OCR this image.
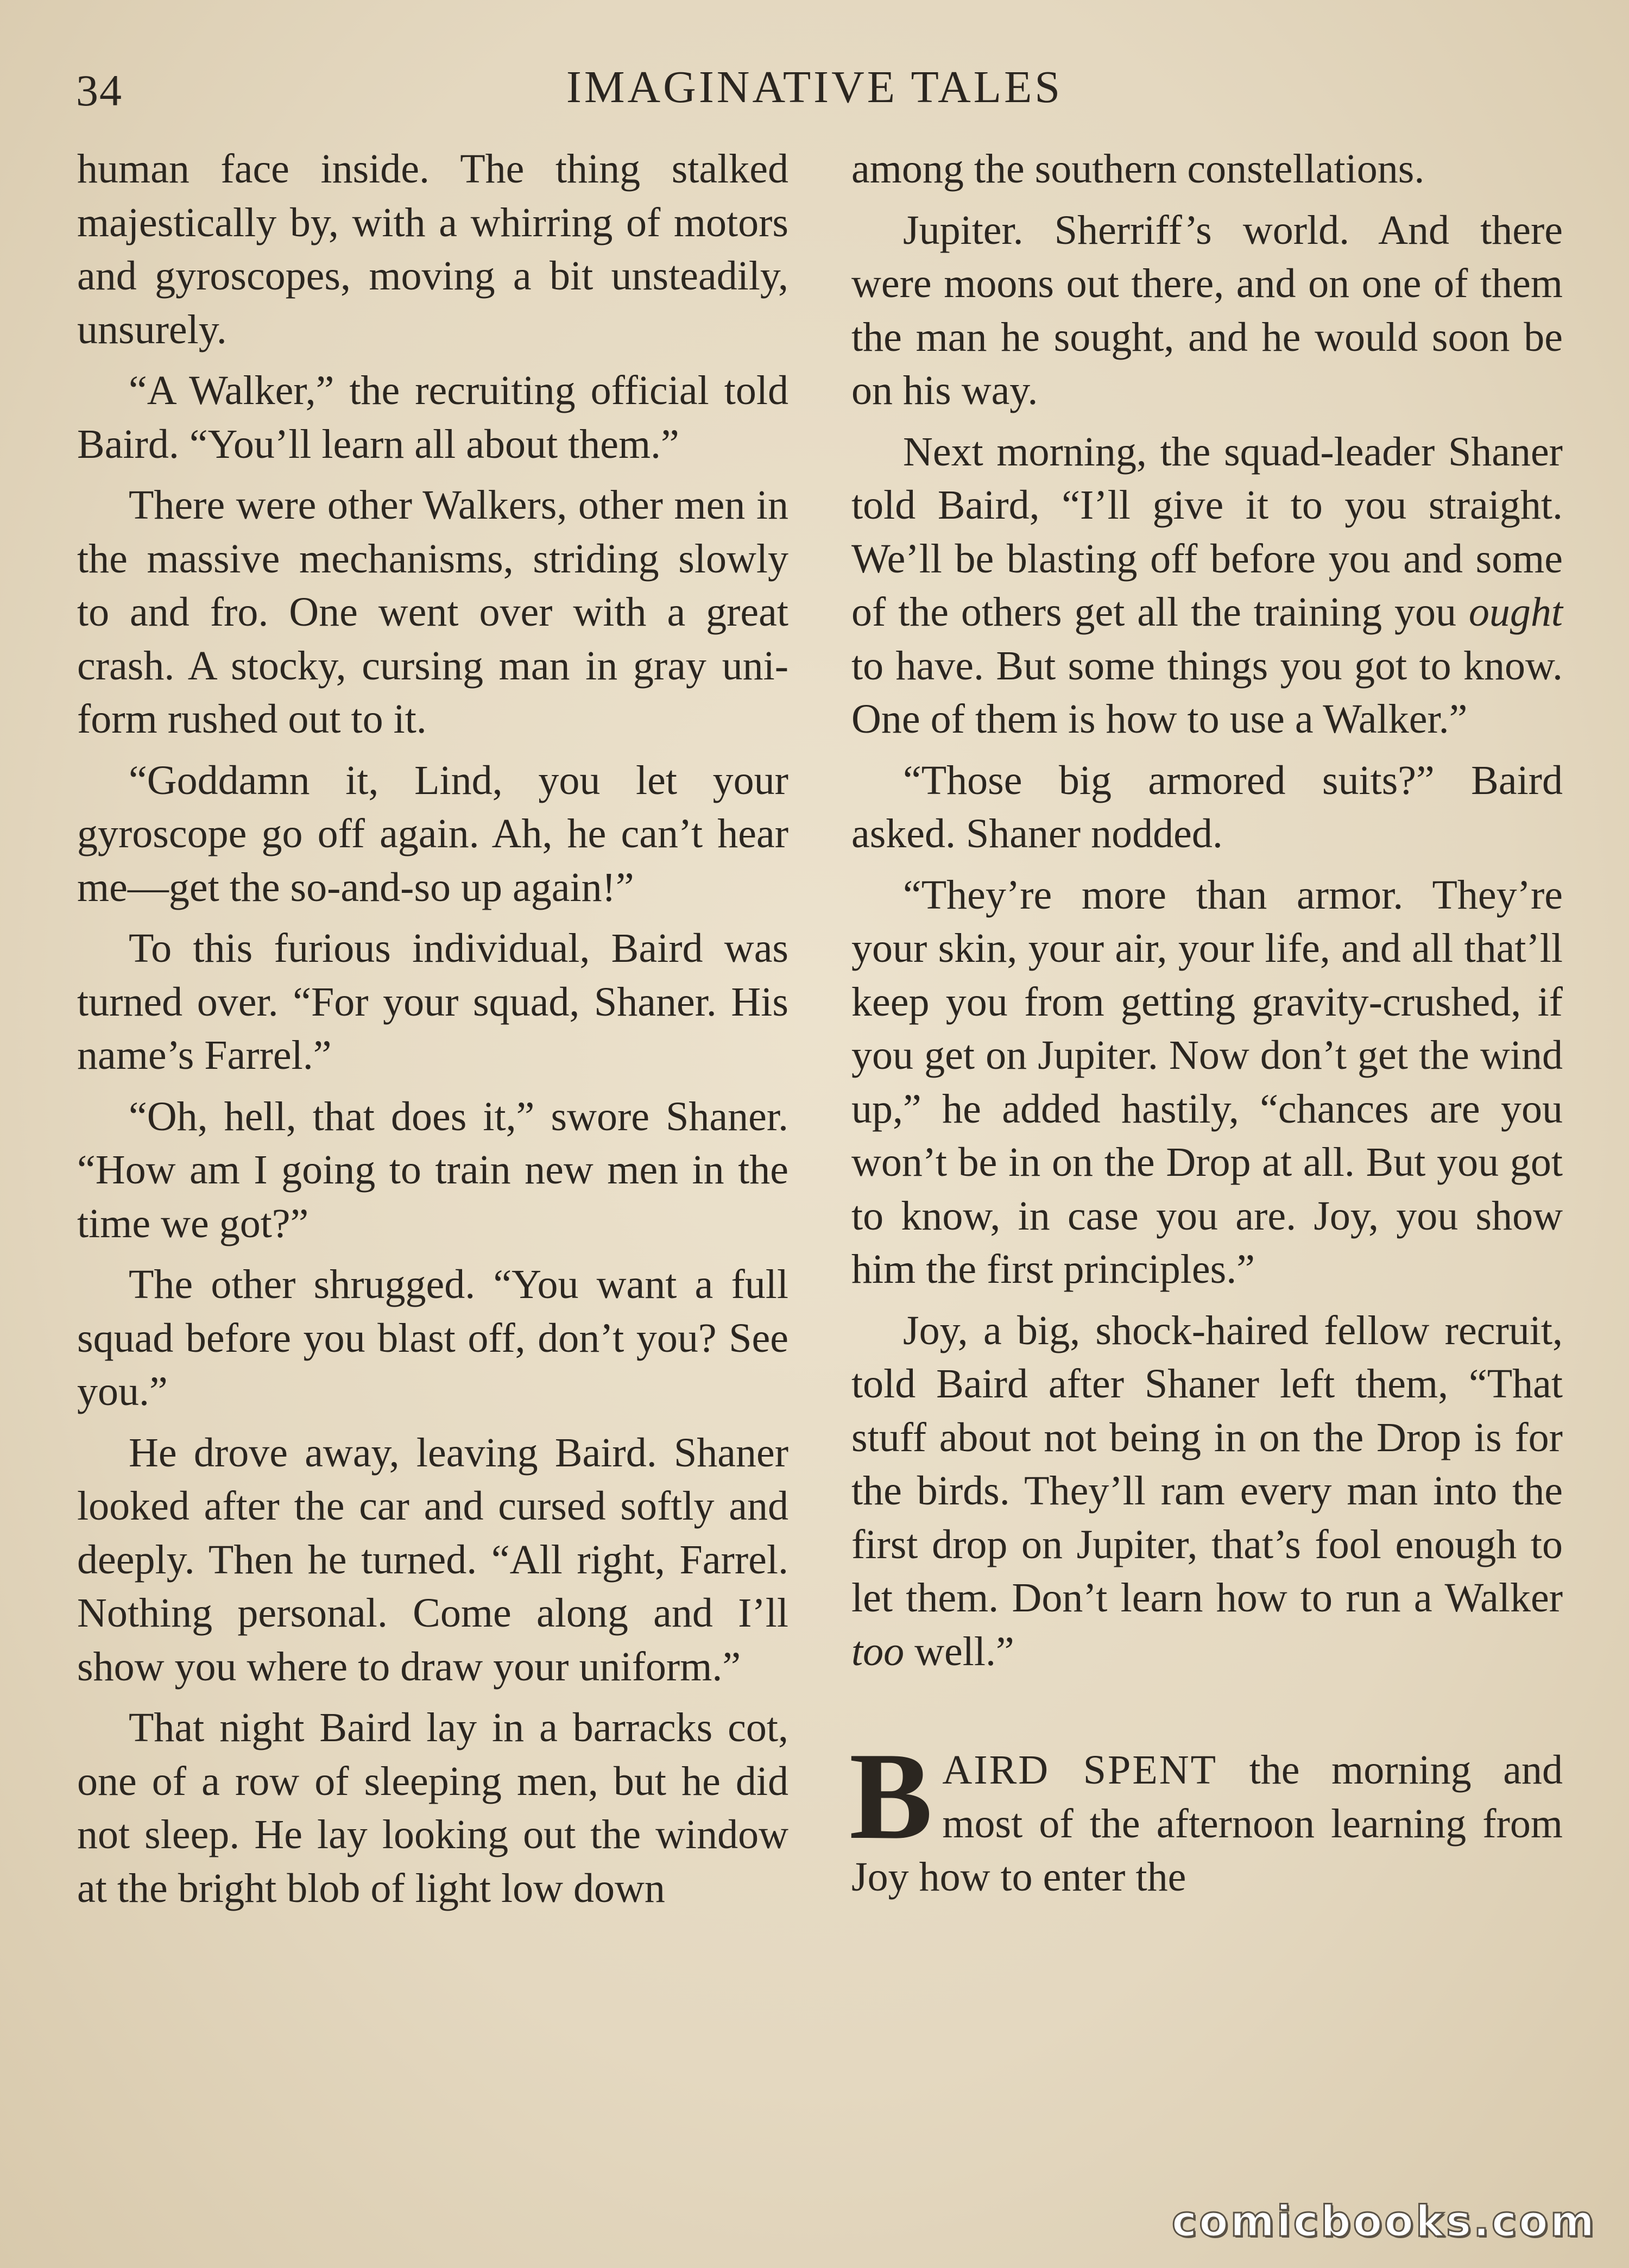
34	IMAGINATIVE TALES

human face inside. The thing stalked majestically by, with a whirring of motors and gyroscopes, moving a bit unsteadily, unsurely.

“A Walker,” the recruiting official told Baird. “You’ll learn all about them.”

There were other Walkers, other men in the massive mechanisms, striding slowly to and fro. One went over with a great crash. A stocky, cursing man in gray uniform rushed out to it.

“Goddamn it, Lind, you let your gyroscope go off again. Ah, he can’t hear me—get the so-and-so up again!”

To this furious individual, Baird was turned over. “For your squad, Shaner. His name’s Farrel.”

“Oh, hell, that does it,” swore Shaner. “How am I going to train new men in the time we got?”

The other shrugged. “You want a full squad before you blast off, don’t you? See you.”

He drove away, leaving Baird. Shaner looked after the car and cursed softly and deeply. Then he turned. “All right, Farrel. Nothing personal. Come along and I’ll show you where to draw your uniform.”

That night Baird lay in a barracks cot, one of a row of sleeping men, but he did not sleep. He lay looking out the window at the bright blob of light low down

among the southern constellations.

Jupiter. Sherriff’s world. And there were moons out there, and on one of them the man he sought, and he would soon be on his way.

Next morning, the squad-leader Shaner told Baird, “I’ll give it to you straight. We’ll be blasting off before you and some of the others get all the training you ought to have. But some things you got to know. One of them is how to use a Walker.”

“Those big armored suits?” Baird asked. Shaner nodded.

“They’re more than armor. They’re your skin, your air, your life, and all that’ll keep you from getting gravity-crushed, if you get on Jupiter. Now don’t get the wind up,” he added hastily, “chances are you won’t be in on the Drop at all. But you got to know, in case you are. Joy, you show him the first principles.”

Joy, a big, shock-haired fellow recruit, told Baird after Shaner left them, “That stuff about not being in on the Drop is for the birds. They’ll ram every man into the first drop on Jupiter, that’s fool enough to let them. Don’t learn how to run a Walker too well.”

BAIRD SPENT the morning and most of the afternoon learning from Joy how to enter the

comicbooks.com
